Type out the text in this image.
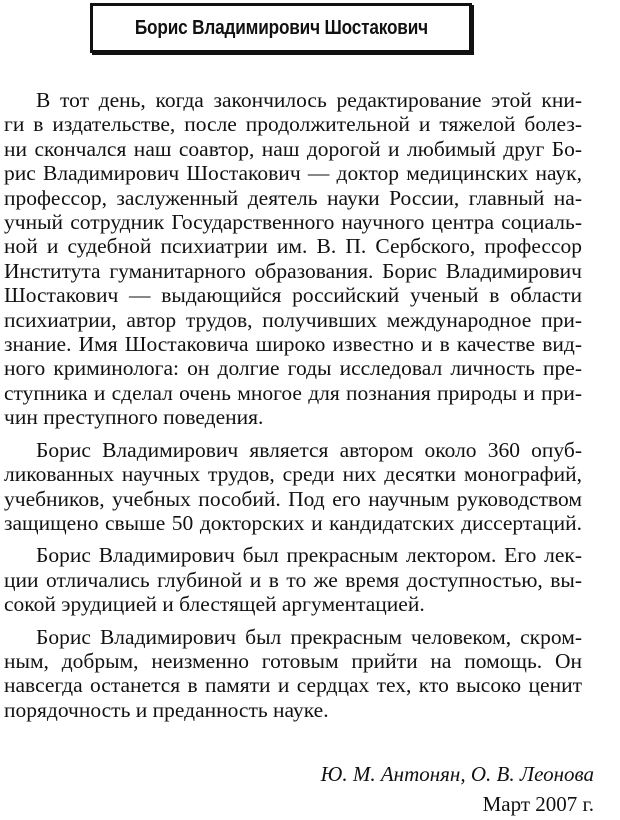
Борис Владимирович Шостакович
В тот день, когда закончилось редактирование этой кни-
ги в издательстве, после продолжительной и тяжелой болез-
ни скончался наш соавтор, наш дорогой и любимый друг Бо-
рис Владимирович Шостакович — доктор медицинских наук,
профессор, заслуженный деятель науки России, главный на-
учный сотрудник Государственного научного центра социаль-
ной и судебной психиатрии им. В. П. Сербского, профессор
Института гуманитарного образования. Борис Владимирович
Шостакович — выдающийся российский ученый в области
психиатрии, автор трудов, получивших международное при-
знание. Имя Шостаковича широко известно и в качестве вид-
ного криминолога: он долгие годы исследовал личность пре-
ступника и сделал очень многое для познания природы и при-
чин преступного поведения.
Борис Владимирович является автором около 360 опуб-
ликованных научных трудов, среди них десятки монографий,
учебников, учебных пособий. Под его научным руководством
защищено свыше 50 докторских и кандидатских диссертаций.
Борис Владимирович был прекрасным лектором. Его лек-
ции отличались глубиной и в то же время доступностью, вы-
сокой эрудицией и блестящей аргументацией.
Борис Владимирович был прекрасным человеком, скром-
ным, добрым, неизменно готовым прийти на помощь. Он
навсегда останется в памяти и сердцах тех, кто высоко ценит
порядочность и преданность науке.
Ю. М. Антонян, О. В. Леонова
Март 2007 г.
